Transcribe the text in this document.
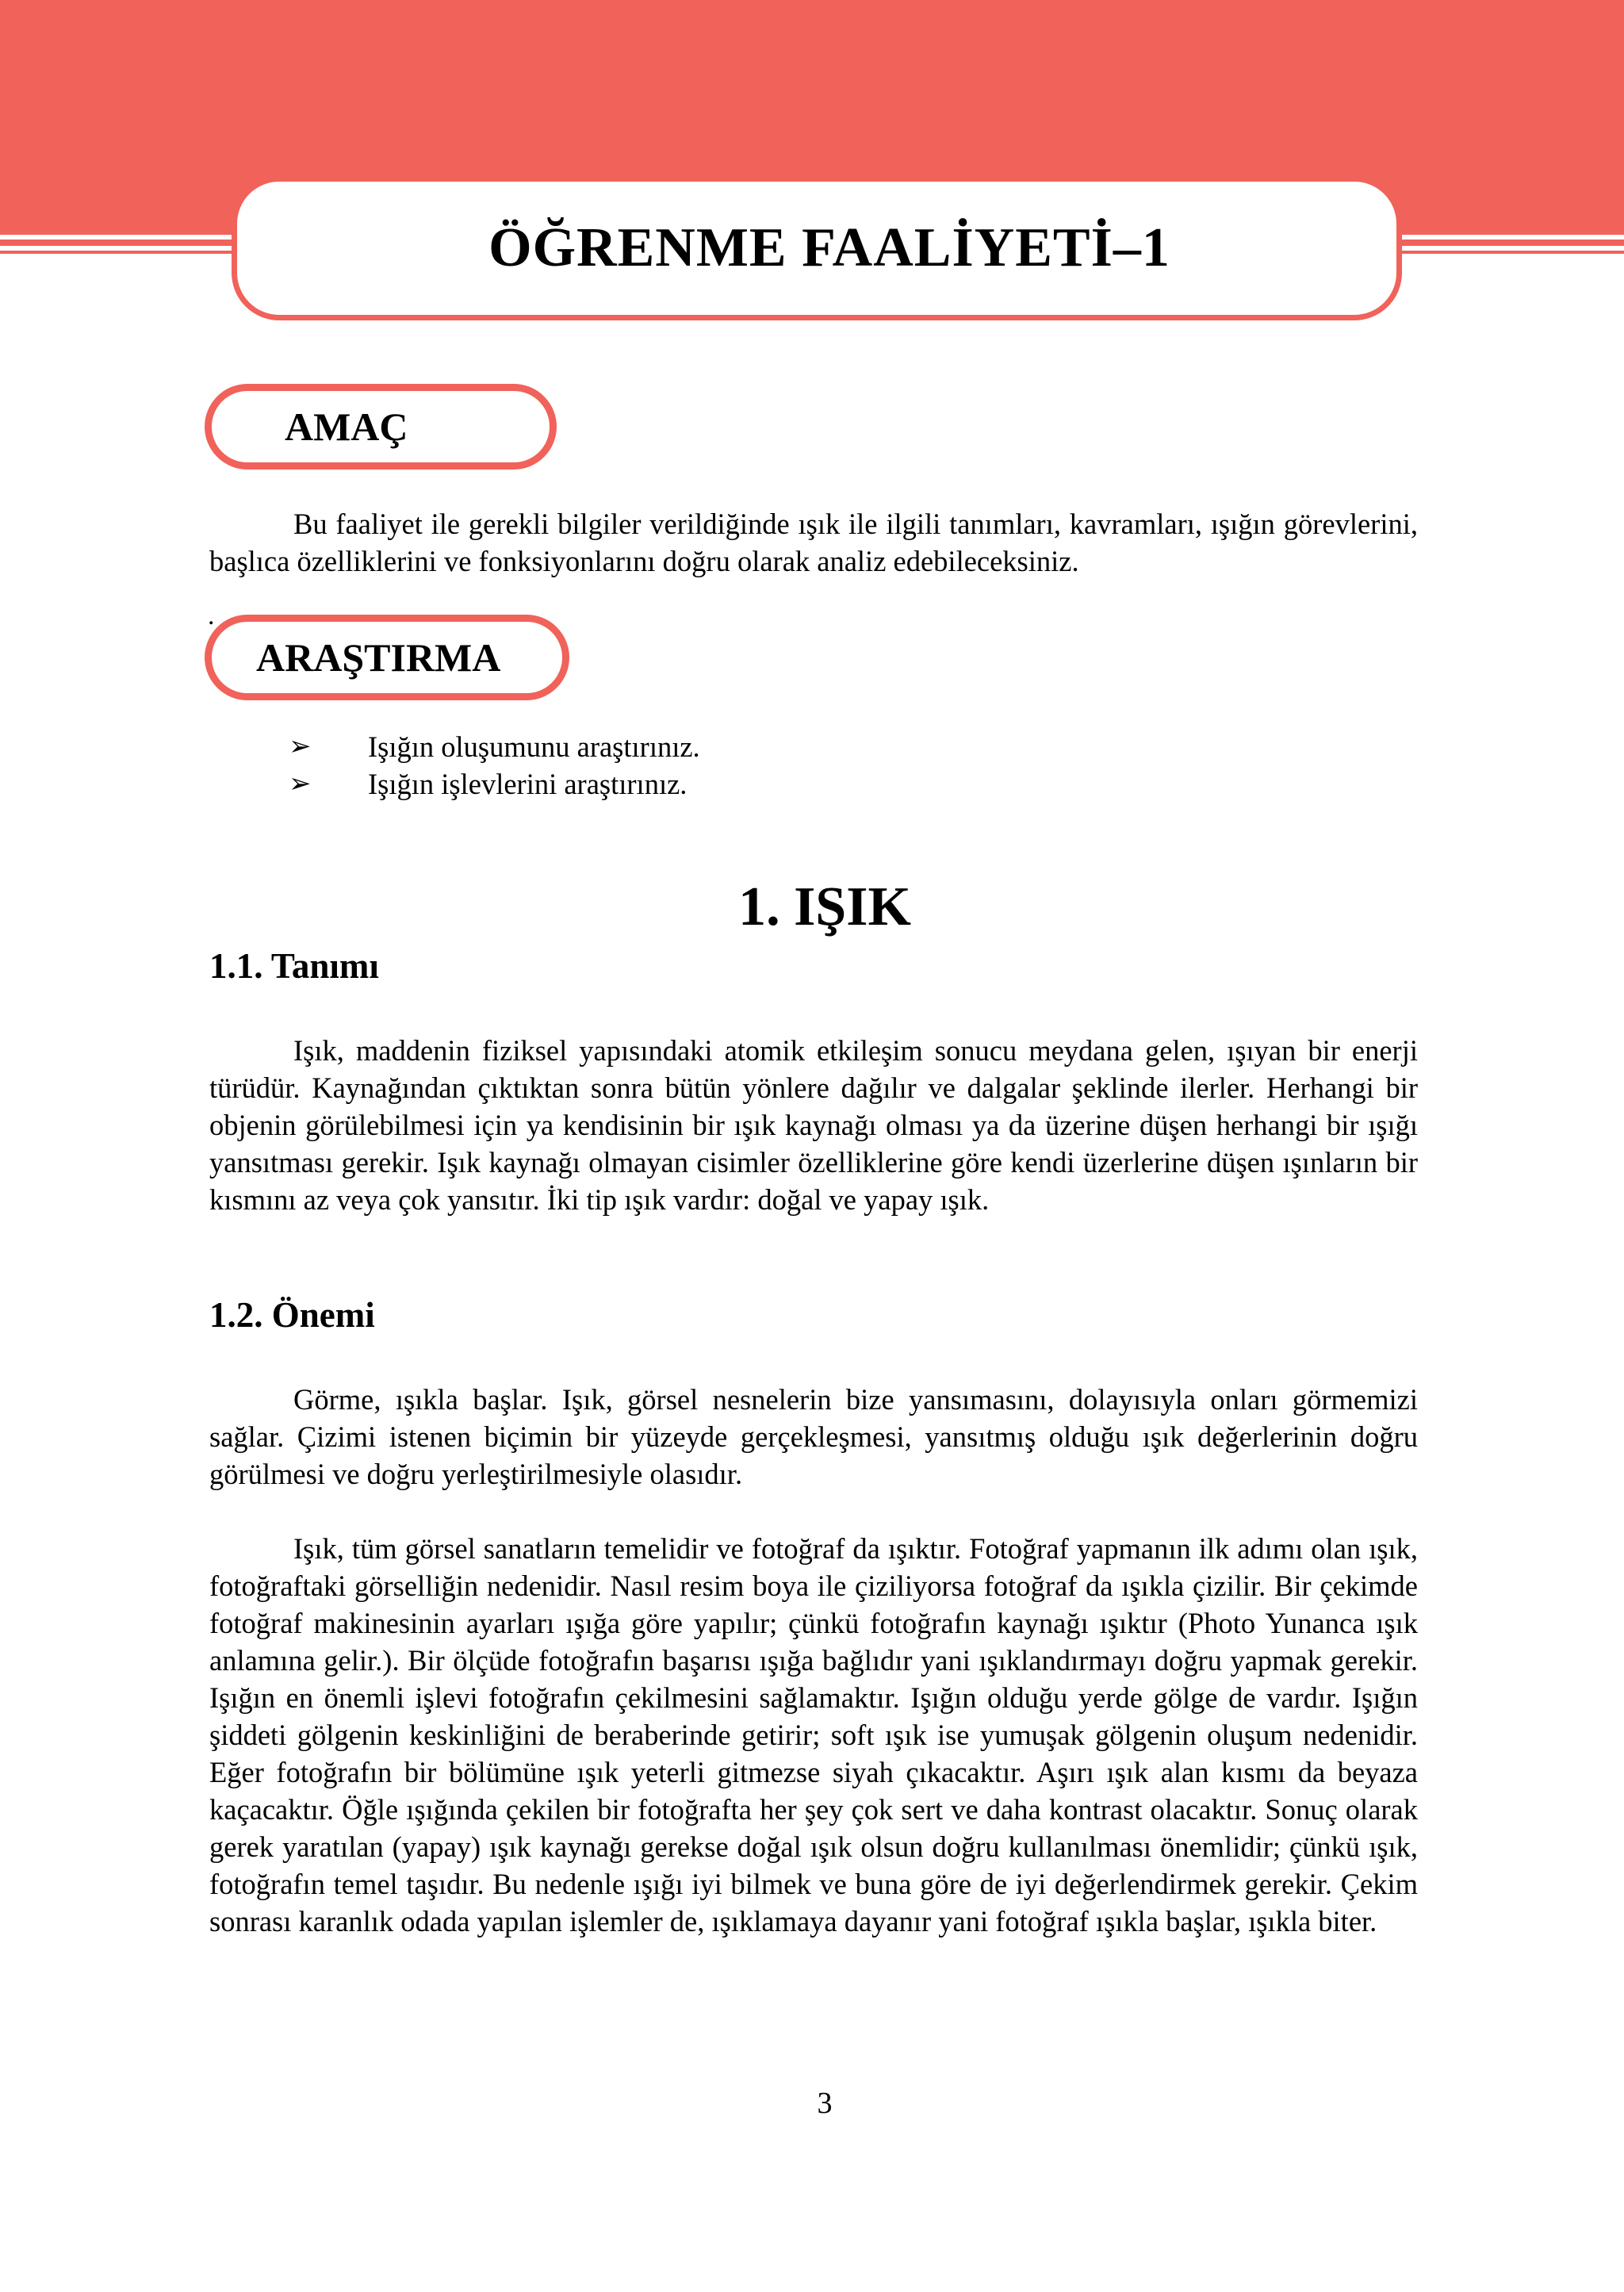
ÖĞRENME FAALİYETİ–1
AMAÇ

Bu faaliyet ile gerekli bilgiler verildiğinde ışık ile ilgili tanımları, kavramları, ışığın görevlerini, başlıca özelliklerini ve fonksiyonlarını doğru olarak analiz edebileceksiniz.

.
ARAŞTIRMA
➢	Işığın oluşumunu araştırınız.
➢	Işığın işlevlerini araştırınız.
1. IŞIK
1.1. Tanımı

Işık, maddenin fiziksel yapısındaki atomik etkileşim sonucu meydana gelen, ışıyan bir enerji türüdür. Kaynağından çıktıktan sonra bütün yönlere dağılır ve dalgalar şeklinde ilerler. Herhangi bir objenin görülebilmesi için ya kendisinin bir ışık kaynağı olması ya da üzerine düşen herhangi bir ışığı yansıtması gerekir. Işık kaynağı olmayan cisimler özelliklerine göre kendi üzerlerine düşen ışınların bir kısmını az veya çok yansıtır. İki tip ışık vardır: doğal ve yapay ışık.

1.2. Önemi

Görme, ışıkla başlar. Işık, görsel nesnelerin bize yansımasını, dolayısıyla onları görmemizi sağlar. Çizimi istenen biçimin bir yüzeyde gerçekleşmesi, yansıtmış olduğu ışık değerlerinin doğru görülmesi ve doğru yerleştirilmesiyle olasıdır.

Işık, tüm görsel sanatların temelidir ve fotoğraf da ışıktır. Fotoğraf yapmanın ilk adımı olan ışık, fotoğraftaki görselliğin nedenidir. Nasıl resim boya ile çiziliyorsa fotoğraf da ışıkla çizilir. Bir çekimde fotoğraf makinesinin ayarları ışığa göre yapılır; çünkü fotoğrafın kaynağı ışıktır (Photo Yunanca ışık anlamına gelir.). Bir ölçüde fotoğrafın başarısı ışığa bağlıdır yani ışıklandırmayı doğru yapmak gerekir. Işığın en önemli işlevi fotoğrafın çekilmesini sağlamaktır. Işığın olduğu yerde gölge de vardır. Işığın şiddeti gölgenin keskinliğini de beraberinde getirir; soft ışık ise yumuşak gölgenin oluşum nedenidir. Eğer fotoğrafın bir bölümüne ışık yeterli gitmezse siyah çıkacaktır. Aşırı ışık alan kısmı da beyaza kaçacaktır. Öğle ışığında çekilen bir fotoğrafta her şey çok sert ve daha kontrast olacaktır. Sonuç olarak gerek yaratılan (yapay) ışık kaynağı gerekse doğal ışık olsun doğru kullanılması önemlidir; çünkü ışık, fotoğrafın temel taşıdır. Bu nedenle ışığı iyi bilmek ve buna göre de iyi değerlendirmek gerekir. Çekim sonrası karanlık odada yapılan işlemler de, ışıklamaya dayanır yani fotoğraf ışıkla başlar, ışıkla biter.

3
